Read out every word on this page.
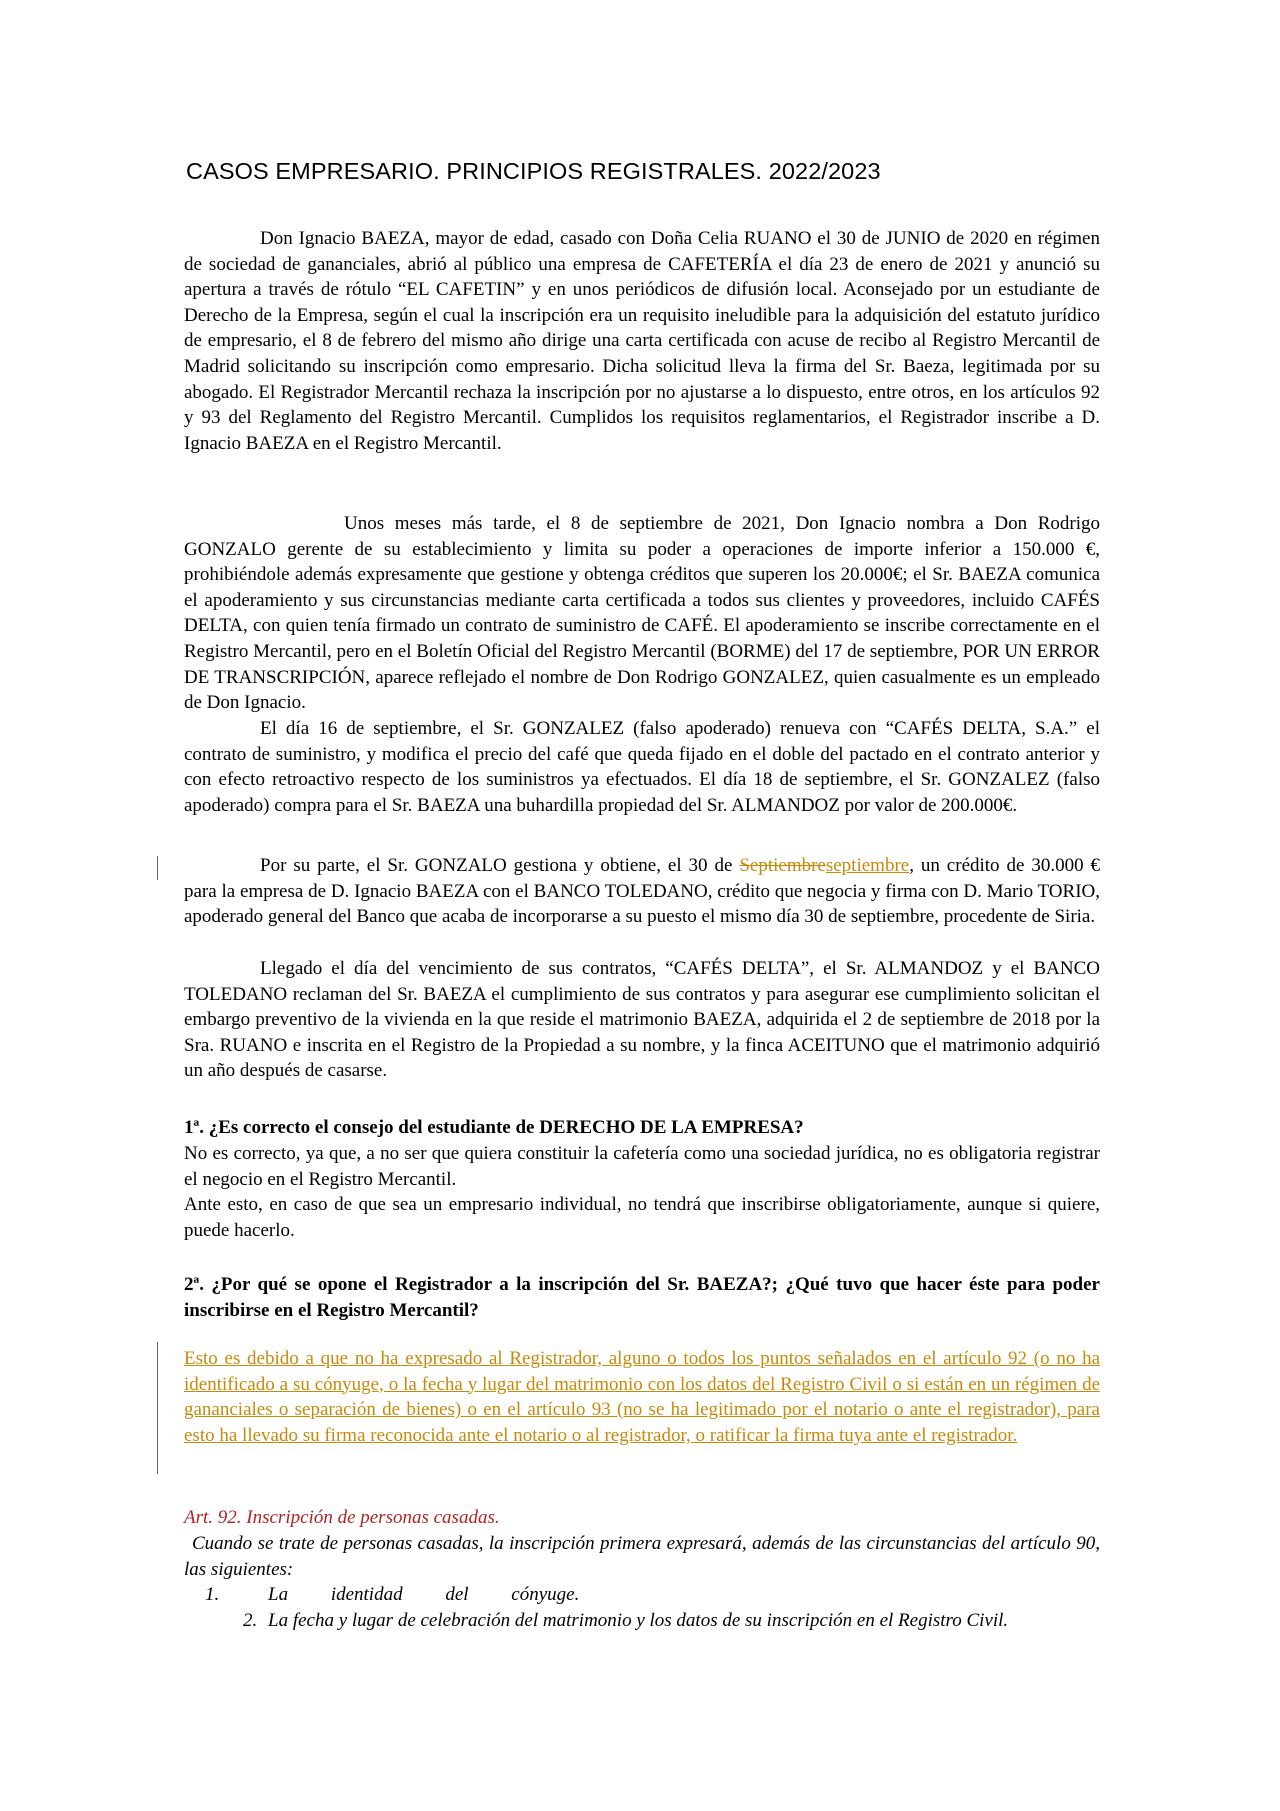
CASOS EMPRESARIO. PRINCIPIOS REGISTRALES. 2022/2023

Don Ignacio BAEZA, mayor de edad, casado con Doña Celia RUANO el 30 de JUNIO de 2020 en régimen de sociedad de gananciales, abrió al público una empresa de CAFETERÍA el día 23 de enero de 2021 y anunció su apertura a través de rótulo “EL CAFETIN” y en unos periódicos de difusión local. Aconsejado por un estudiante de Derecho de la Empresa, según el cual la inscripción era un requisito ineludible para la adquisición del estatuto jurídico de empresario, el 8 de febrero del mismo año dirige una carta certificada con acuse de recibo al Registro Mercantil de Madrid solicitando su inscripción como empresario. Dicha solicitud lleva la firma del Sr. Baeza, legitimada por su abogado. El Registrador Mercantil rechaza la inscripción por no ajustarse a lo dispuesto, entre otros, en los artículos 92 y 93 del Reglamento del Registro Mercantil. Cumplidos los requisitos reglamentarios, el Registrador inscribe a D. Ignacio BAEZA en el Registro Mercantil.

Unos meses más tarde, el 8 de septiembre de 2021, Don Ignacio nombra a Don Rodrigo GONZALO gerente de su establecimiento y limita su poder a operaciones de importe inferior a 150.000 €, prohibiéndole además expresamente que gestione y obtenga créditos que superen los 20.000€; el Sr. BAEZA comunica el apoderamiento y sus circunstancias mediante carta certificada a todos sus clientes y proveedores, incluido CAFÉS DELTA, con quien tenía firmado un contrato de suministro de CAFÉ. El apoderamiento se inscribe correctamente en el Registro Mercantil, pero en el Boletín Oficial del Registro Mercantil (BORME) del 17 de septiembre, POR UN ERROR DE TRANSCRIPCIÓN, aparece reflejado el nombre de Don Rodrigo GONZALEZ, quien casualmente es un empleado de Don Ignacio.

El día 16 de septiembre, el Sr. GONZALEZ (falso apoderado) renueva con “CAFÉS DELTA, S.A.” el contrato de suministro, y modifica el precio del café que queda fijado en el doble del pactado en el contrato anterior y con efecto retroactivo respecto de los suministros ya efectuados. El día 18 de septiembre, el Sr. GONZALEZ (falso apoderado) compra para el Sr. BAEZA una buhardilla propiedad del Sr. ALMANDOZ por valor de 200.000€.

Por su parte, el Sr. GONZALO gestiona y obtiene, el 30 de Septiembreseptiembre, un crédito de 30.000 € para la empresa de D. Ignacio BAEZA con el BANCO TOLEDANO, crédito que negocia y firma con D. Mario TORIO, apoderado general del Banco que acaba de incorporarse a su puesto el mismo día 30 de septiembre, procedente de Siria.

Llegado el día del vencimiento de sus contratos, “CAFÉS DELTA”, el Sr. ALMANDOZ y el BANCO TOLEDANO reclaman del Sr. BAEZA el cumplimiento de sus contratos y para asegurar ese cumplimiento solicitan el embargo preventivo de la vivienda en la que reside el matrimonio BAEZA, adquirida el 2 de septiembre de 2018 por la Sra. RUANO e inscrita en el Registro de la Propiedad a su nombre, y la finca ACEITUNO que el matrimonio adquirió un año después de casarse.

1ª. ¿Es correcto el consejo del estudiante de DERECHO DE LA EMPRESA?

No es correcto, ya que, a no ser que quiera constituir la cafetería como una sociedad jurídica, no es obligatoria registrar el negocio en el Registro Mercantil.

Ante esto, en caso de que sea un empresario individual, no tendrá que inscribirse obligatoriamente, aunque si quiere, puede hacerlo.

2ª. ¿Por qué se opone el Registrador a la inscripción del Sr. BAEZA?; ¿Qué tuvo que hacer éste para poder inscribirse en el Registro Mercantil?

Esto es debido a que no ha expresado al Registrador, alguno o todos los puntos señalados en el artículo 92 (o no ha identificado a su cónyuge, o la fecha y lugar del matrimonio con los datos del Registro Civil o si están en un régimen de gananciales o separación de bienes) o en el artículo 93 (no se ha legitimado por el notario o ante el registrador), para esto ha llevado su firma reconocida ante el notario o al registrador, o ratificar la firma tuya ante el registrador.

Art. 92. Inscripción de personas casadas.

Cuando se trate de personas casadas, la inscripción primera expresará, además de las circunstancias del artículo 90, las siguientes:

1. La identidad del cónyuge.
2. La fecha y lugar de celebración del matrimonio y los datos de su inscripción en el Registro Civil.
